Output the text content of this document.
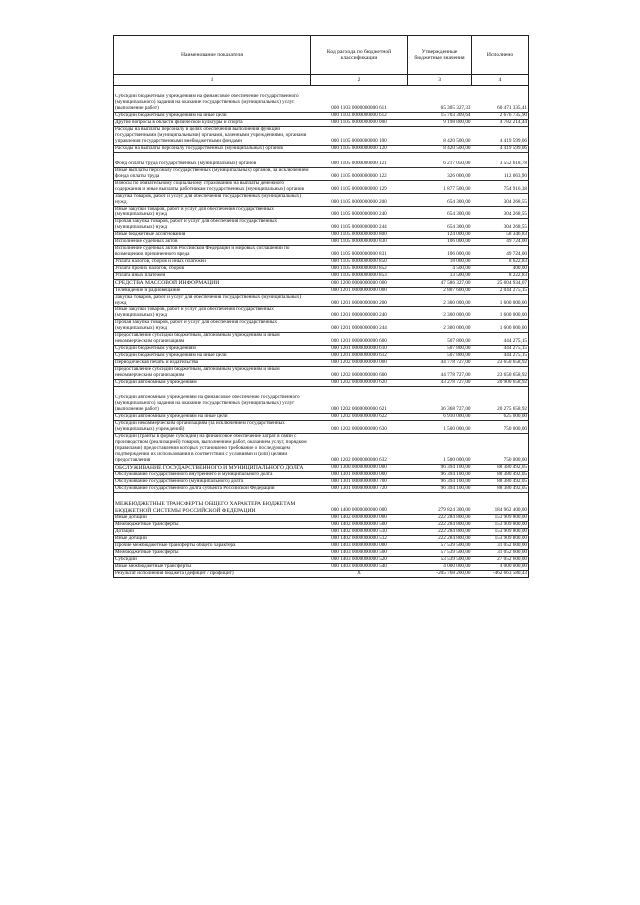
Наименование показателя	Код расхода по бюджетной классификации	Утвержденные бюджетные значения	Исполнено
1	2	3	4

Субсидии бюджетным учреждениям на финансовое обеспечение государственного (муниципального) задания на оказание государственных (муниципальных) услуг (выполнение работ)	000 1103 0000000000 611	65 305 327,33	60 471 335,41
Субсидии бюджетным учреждениям на иные цели	000 1103 0000000000 612	15 703 309,64	2 676 735,90
Другие вопросы в области физической культуры и спорта	000 1105 0000000000 000	9 198 800,00	4 782 214,44
Расходы на выплаты персоналу в целях обеспечения выполнения функций государственными (муниципальными) органами, казенными учреждениями, органами управления государственными внебюджетными фондами	000 1105 0000000000 100	8 420 500,00	4 419 599,06
Расходы на выплаты персоналу государственных (муниципальных) органов	000 1105 0000000000 120	8 420 500,00	4 419 599,06

Фонд оплаты труда государственных (муниципальных) органов	000 1105 0000000000 121	6 217 050,00	3 552 618,78
Иные выплаты персоналу государственных (муниципальных) органов, за исключением фонда оплаты труда	000 1105 0000000000 122	326 000,00	112 063,90
Взносы по обязательному социальному страхованию на выплаты денежного содержания и иные выплаты работникам государственных (муниципальных) органов	000 1105 0000000000 129	1 877 500,00	754 916,38
Закупка товаров, работ и услуг для обеспечения государственных (муниципальных) нужд	000 1105 0000000000 200	654 300,00	304 268,55
Иные закупки товаров, работ и услуг для обеспечения государственных (муниципальных) нужд	000 1105 0000000000 240	654 300,00	304 268,55
Прочая закупка товаров, работ и услуг для обеспечения государственных (муниципальных) нужд	000 1105 0000000000 244	654 300,00	304 268,55
Иные бюджетные ассигнования	000 1105 0000000000 800	124 000,00	58 346,83
Исполнение судебных актов	000 1105 0000000000 830	106 000,00	49 724,00
Исполнение судебных актов Российской Федерации и мировых соглашений по возмещению причиненного вреда	000 1105 0000000000 831	106 000,00	49 724,00
Уплата налогов, сборов и иных платежей	000 1105 0000000000 850	18 000,00	8 622,83
Уплата прочих налогов, сборов	000 1105 0000000000 852	4 500,00	400,00
Уплата иных платежей	000 1105 0000000000 853	13 500,00	8 222,83
СРЕДСТВА МАССОВОЙ ИНФОРМАЦИИ	000 1200 0000000000 000	47 586 327,00	25 604 934,07
Телевидение и радиовещание	000 1201 0000000000 000	2 807 600,00	2 044 275,15
Закупка товаров, работ и услуг для обеспечения государственных (муниципальных) нужд	000 1201 0000000000 200	2 300 000,00	1 600 000,00
Иные закупки товаров, работ и услуг для обеспечения государственных (муниципальных) нужд	000 1201 0000000000 240	2 300 000,00	1 600 000,00
Прочая закупка товаров, работ и услуг для обеспечения государственных (муниципальных) нужд	000 1201 0000000000 244	2 300 000,00	1 600 000,00
Предоставление субсидий бюджетным, автономным учреждениям и иным некоммерческим организациям	000 1201 0000000000 600	507 800,00	444 275,15
Субсидии бюджетным учреждениям	000 1201 0000000000 610	507 800,00	444 275,15
Субсидии бюджетным учреждениям на иные цели	000 1201 0000000000 612	507 800,00	444 275,15
Периодическая печать и издательства	000 1202 0000000000 000	44 778 727,00	23 650 658,92
Предоставление субсидий бюджетным, автономным учреждениям и иным некоммерческим организациям	000 1202 0000000000 600	44 778 727,00	23 650 658,92
Субсидии автономным учреждениям	000 1202 0000000000 620	43 278 727,00	20 900 658,92

Субсидии автономным учреждениям на финансовое обеспечение государственного (муниципального) задания на оказание государственных (муниципальных) услуг (выполнение работ)	000 1202 0000000000 621	36 368 727,00	20 275 658,92
Субсидии автономным учреждениям на иные цели	000 1202 0000000000 622	6 910 000,00	625 000,00
Субсидии некоммерческим организациям (за исключением государственных (муниципальных) учреждений)	000 1202 0000000000 630	1 500 000,00	750 000,00
Субсидии (гранты в форме субсидий) на финансовое обеспечение затрат в связи с производством (реализацией) товаров, выполнением работ, оказанием услуг, порядком (правилами) предоставления которых установлено требование о последующем подтверждении их использования в соответствии с условиями и (или) целями предоставления	000 1202 0000000000 632	1 500 000,00	750 000,00
ОБСЛУЖИВАНИЕ ГОСУДАРСТВЕННОГО И МУНИЦИПАЛЬНОГО ДОЛГА	000 1300 0000000000 000	96 394 100,00	88 380 492,05
Обслуживание государственного внутреннего и муниципального долга	000 1301 0000000000 000	96 394 100,00	88 380 492,05
Обслуживание государственного (муниципального) долга	000 1301 0000000000 700	96 394 100,00	88 380 492,05
Обслуживание государственного долга субъекта Российской Федерации	000 1301 0000000000 720	96 394 100,00	88 380 492,05

МЕЖБЮДЖЕТНЫЕ ТРАНСФЕРТЫ ОБЩЕГО ХАРАКТЕРА БЮДЖЕТАМ БЮДЖЕТНОЙ СИСТЕМЫ РОССИЙСКОЙ ФЕДЕРАЦИИ	000 1400 0000000000 000	279 824 300,00	184 962 400,00
Иные дотации	000 1402 0000000000 000	222 284 800,00	153 909 800,00
Межбюджетные трансферты	000 1402 0000000000 500	222 284 800,00	153 909 800,00
Дотации	000 1402 0000000000 510	222 284 800,00	153 909 800,00
Иные дотации	000 1402 0000000000 512	222 284 800,00	153 909 800,00
Прочие межбюджетные трансферты общего характера	000 1403 0000000000 000	57 539 500,00	31 052 600,00
Межбюджетные трансферты	000 1403 0000000000 500	57 539 500,00	31 052 600,00
Субсидии	000 1403 0000000000 520	53 539 500,00	27 052 600,00
Иные межбюджетные трансферты	000 1403 0000000000 540	4 000 000,00	4 000 000,00
Результат исполнения бюджета (дефицит / профицит)	X	-205 768 200,00	-462 663 580,43
